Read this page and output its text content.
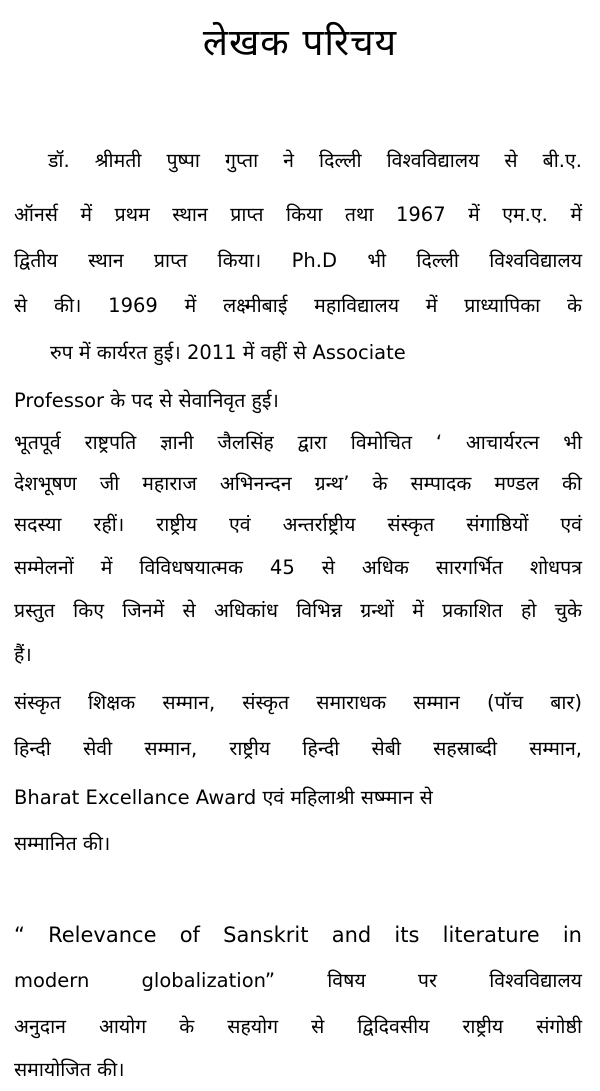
लेखक परिचय
डॉ. श्रीमती पुष्पा गुप्ता ने दिल्ली विश्वविद्यालय से बी.ए.
ऑनर्स में प्रथम स्थान प्राप्त किया तथा 1967 में एम.ए. में
द्वितीय स्थान प्राप्त किया। Ph.D भी दिल्ली विश्वविद्यालय
से की। 1969 में लक्ष्मीबाई महाविद्यालय में प्राध्यापिका के
रुप में कार्यरत हुई। 2011 में वहीं से Associate
Professor के पद से सेवानिवृत हुई।
भूतपूर्व राष्ट्रपति ज्ञानी जैलसिंह द्वारा विमोचित ‘ आचार्यरत्न भी
देशभूषण जी महाराज अभिनन्दन ग्रन्थ’ के सम्पादक मण्डल की
सदस्या रहीं। राष्ट्रीय एवं अन्तर्राष्ट्रीय संस्कृत संगाष्ठियों एवं
सम्मेलनों में विविधषयात्मक 45 से अधिक सारगर्भित शोधपत्र
प्रस्तुत किए जिनमें से अधिकांध विभिन्न ग्रन्थों में प्रकाशित हो चुके
हैं।
संस्कृत शिक्षक सम्मान, संस्कृत समाराधक सम्मान (पॉच बार)
हिन्दी सेवी सम्मान, राष्ट्रीय हिन्दी सेबी सहस्राब्दी सम्मान,
Bharat Excellance Award एवं महिलाश्री सष्म्मान से
सम्मानित की।
“ Relevance of Sanskrit and its literature in
modern globalization” विषय पर विश्वविद्यालय
अनुदान आयोग के सहयोग से द्विदिवसीय राष्ट्रीय संगोष्ठी
समायोजित की।
